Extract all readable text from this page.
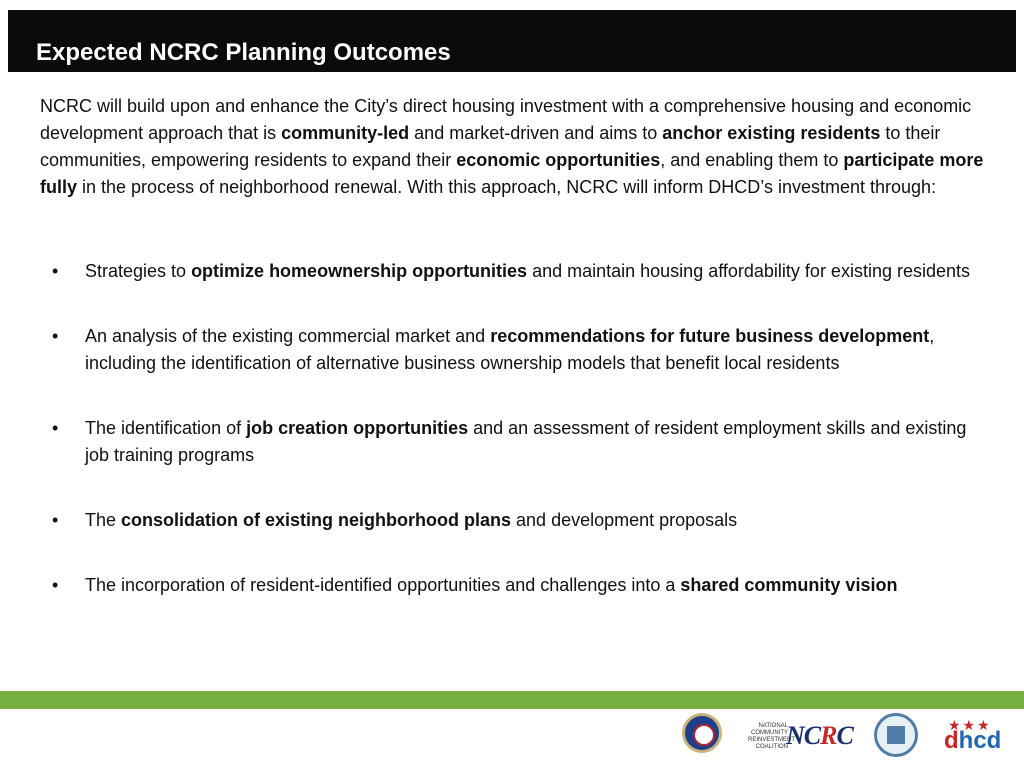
Expected NCRC Planning Outcomes
NCRC will build upon and enhance the City’s direct housing investment with a comprehensive housing and economic development approach that is community-led and market-driven and aims to anchor existing residents to their communities, empowering residents to expand their economic opportunities, and enabling them to participate more fully in the process of neighborhood renewal. With this approach, NCRC will inform DHCD’s investment through:
• Strategies to optimize homeownership opportunities and maintain housing affordability for existing residents
• An analysis of the existing commercial market and recommendations for future business development, including the identification of alternative business ownership models that benefit local residents
• The identification of job creation opportunities and an assessment of resident employment skills and existing job training programs
• The consolidation of existing neighborhood plans and development proposals
• The incorporation of resident-identified opportunities and challenges into a shared community vision
NATIONAL COMMUNITY REINVESTMENT COALITION
NCRC	★★★
dhcd
